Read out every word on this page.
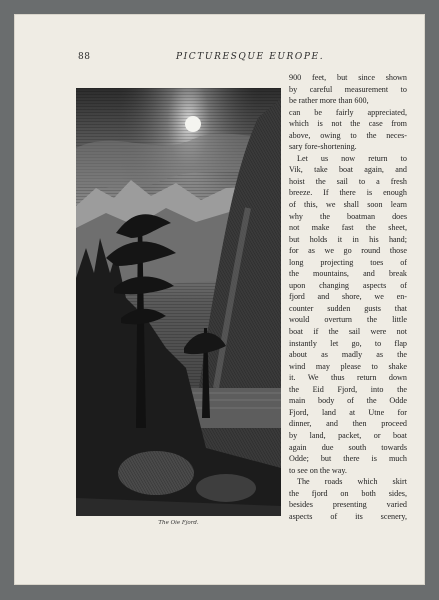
88	PICTURESQUE EUROPE.
The Oie Fjord.
900 feet, but since shown
by careful measurement to
be rather more than 600,
can be fairly appreciated,
which is not the case from
above, owing to the neces-
sary fore-shortening.
Let us now return to
Vik, take boat again, and
hoist the sail to a fresh
breeze. If there is enough
of this, we shall soon learn
why the boatman does
not make fast the sheet,
but holds it in his hand;
for as we go round those
long projecting toes of
the mountains, and break
upon changing aspects of
fjord and shore, we en-
counter sudden gusts that
would overturn the little
boat if the sail were not
instantly let go, to flap
about as madly as the
wind may please to shake
it. We thus return down
the Eid Fjord, into the
main body of the Odde
Fjord, land at Utne for
dinner, and then proceed
by land, packet, or boat
again due south towards
Odde; but there is much
to see on the way.
The roads which skirt
the fjord on both sides,
besides presenting varied
aspects of its scenery,
